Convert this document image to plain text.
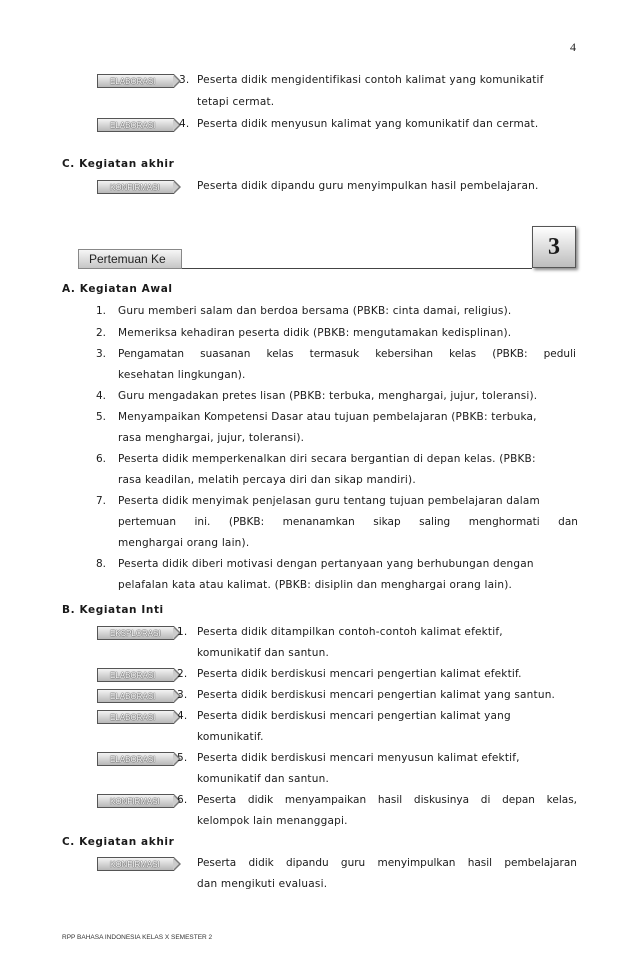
4
ELABORASI	3. Peserta didik mengidentifikasi contoh kalimat yang komunikatif
tetapi cermat.
ELABORASI	4. Peserta didik menyusun kalimat yang komunikatif dan cermat.
C. Kegiatan akhir
KONFIRMASI	Peserta didik dipandu guru menyimpulkan hasil pembelajaran.
Pertemuan Ke	3
A. Kegiatan Awal
1. Guru memberi salam dan berdoa bersama (PBKB: cinta damai, religius).
2. Memeriksa kehadiran peserta didik (PBKB: mengutamakan kedisplinan).
3. Pengamatan suasanan kelas termasuk kebersihan kelas (PBKB: peduli
kesehatan lingkungan).
4. Guru mengadakan pretes lisan (PBKB: terbuka, menghargai, jujur, toleransi).
5. Menyampaikan Kompetensi Dasar atau tujuan pembelajaran (PBKB: terbuka,
rasa menghargai, jujur, toleransi).
6. Peserta didik memperkenalkan diri secara bergantian di depan kelas. (PBKB:
rasa keadilan, melatih percaya diri dan sikap mandiri).
7. Peserta didik menyimak penjelasan guru tentang tujuan pembelajaran dalam
pertemuan ini. (PBKB: menanamkan sikap saling menghormati dan
menghargai orang lain).
8. Peserta didik diberi motivasi dengan pertanyaan yang berhubungan dengan
pelafalan kata atau kalimat. (PBKB: disiplin dan menghargai orang lain).
B. Kegiatan Inti
EKSPLORASI	1. Peserta didik ditampilkan contoh-contoh kalimat efektif,
komunikatif dan santun.
ELABORASI	2. Peserta didik berdiskusi mencari pengertian kalimat efektif.
ELABORASI	3. Peserta didik berdiskusi mencari pengertian kalimat yang santun.
ELABORASI	4. Peserta didik berdiskusi mencari pengertian kalimat yang
komunikatif.
ELABORASI	5. Peserta didik berdiskusi mencari menyusun kalimat efektif,
komunikatif dan santun.
KONFIRMASI	6. Peserta didik menyampaikan hasil diskusinya di depan kelas,
kelompok lain menanggapi.
C. Kegiatan akhir
KONFIRMASI	Peserta didik dipandu guru menyimpulkan hasil pembelajaran
dan mengikuti evaluasi.
RPP BAHASA INDONESIA KELAS X SEMESTER 2
